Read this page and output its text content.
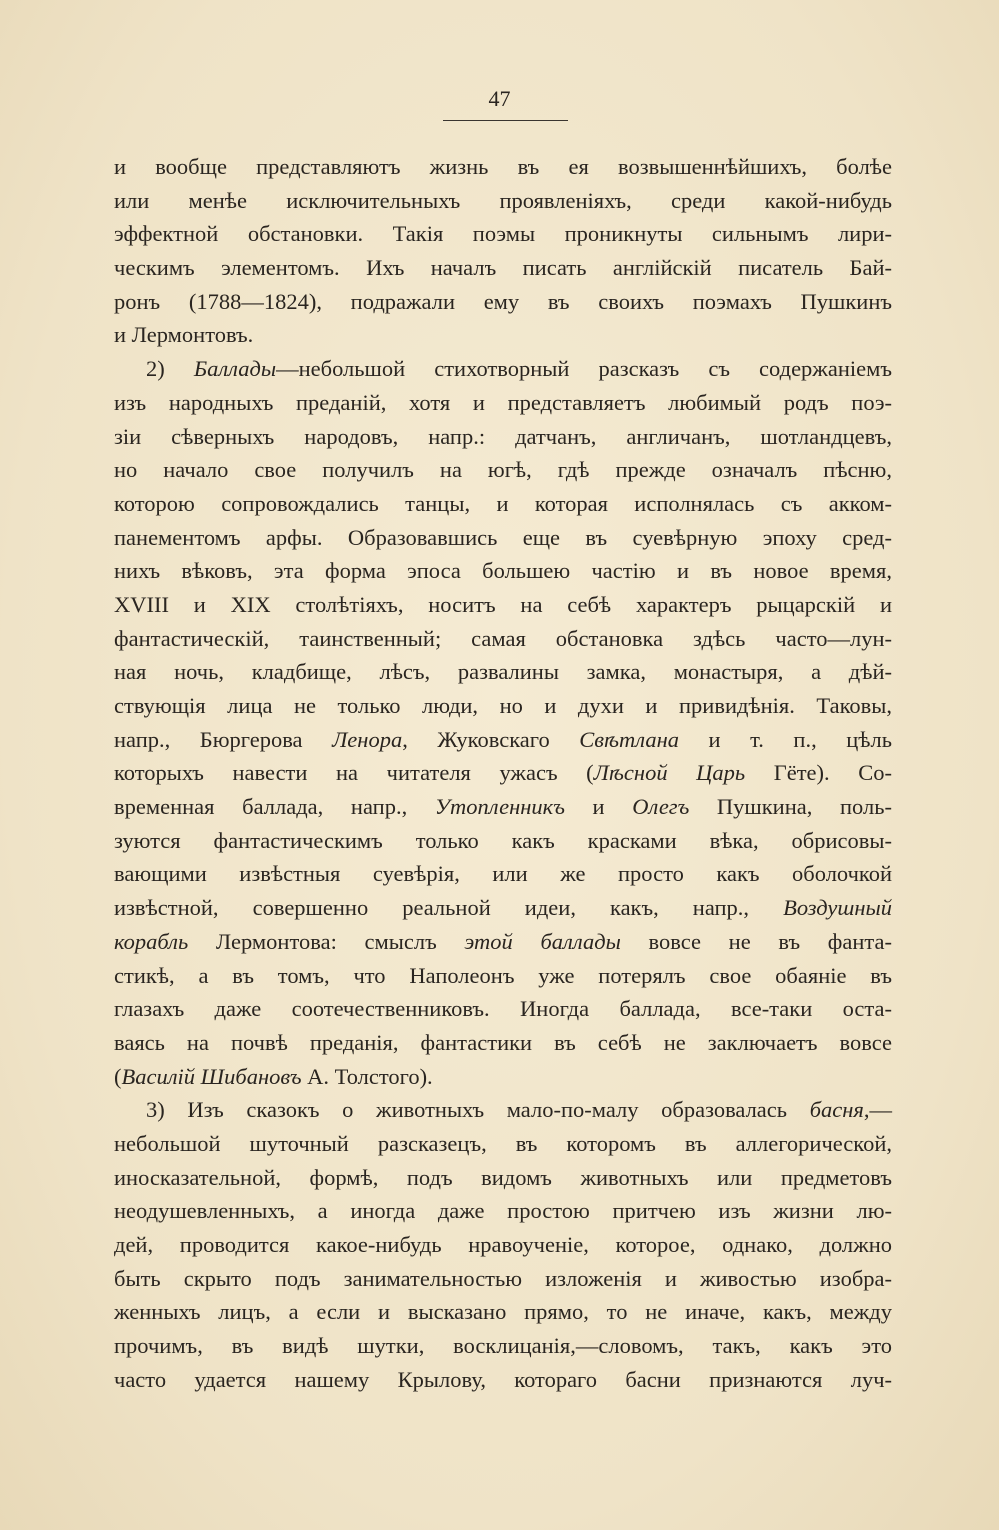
47
и вообще представляютъ жизнь въ ея возвышеннѣйшихъ, болѣе
или менѣе исключительныхъ проявленіяхъ, среди какой-нибудь
эффектной обстановки. Такія поэмы проникнуты сильнымъ лири-
ческимъ элементомъ. Ихъ началъ писать англійскій писатель Бай-
ронъ (1788—1824), подражали ему въ своихъ поэмахъ Пушкинъ
и Лермонтовъ.
2) Баллады—небольшой стихотворный разсказъ съ содержаніемъ
изъ народныхъ преданій, хотя и представляетъ любимый родъ поэ-
зіи сѣверныхъ народовъ, напр.: датчанъ, англичанъ, шотландцевъ,
но начало свое получилъ на югѣ, гдѣ прежде означалъ пѣсню,
которою сопровождались танцы, и которая исполнялась съ акком-
панементомъ арфы. Образовавшись еще въ суевѣрную эпоху сред-
нихъ вѣковъ, эта форма эпоса большею частію и въ новое время,
XVIII и XIX столѣтіяхъ, носитъ на себѣ характеръ рыцарскій и
фантастическій, таинственный; самая обстановка здѣсь часто—лун-
ная ночь, кладбище, лѣсъ, развалины замка, монастыря, а дѣй-
ствующія лица не только люди, но и духи и привидѣнія. Таковы,
напр., Бюргерова Ленора, Жуковскаго Свѣтлана и т. п., цѣль
которыхъ навести на читателя ужасъ (Лѣсной Царь Гёте). Со-
временная баллада, напр., Утопленникъ и Олегъ Пушкина, поль-
зуются фантастическимъ только какъ красками вѣка, обрисовы-
вающими извѣстныя суевѣрія, или же просто какъ оболочкой
извѣстной, совершенно реальной идеи, какъ, напр., Воздушный
корабль Лермонтова: смыслъ этой баллады вовсе не въ фанта-
стикѣ, а въ томъ, что Наполеонъ уже потерялъ свое обаяніе въ
глазахъ даже соотечественниковъ. Иногда баллада, все-таки оста-
ваясь на почвѣ преданія, фантастики въ себѣ не заключаетъ вовсе
(Василій Шибановъ А. Толстого).
3) Изъ сказокъ о животныхъ мало-по-малу образовалась басня,—
небольшой шуточный разсказецъ, въ которомъ въ аллегорической,
иносказательной, формѣ, подъ видомъ животныхъ или предметовъ
неодушевленныхъ, а иногда даже простою притчею изъ жизни лю-
дей, проводится какое-нибудь нравоученіе, которое, однако, должно
быть скрыто подъ занимательностью изложенія и живостью изобра-
женныхъ лицъ, а если и высказано прямо, то не иначе, какъ, между
прочимъ, въ видѣ шутки, восклицанія,—словомъ, такъ, какъ это
часто удается нашему Крылову, котораго басни признаются луч-
